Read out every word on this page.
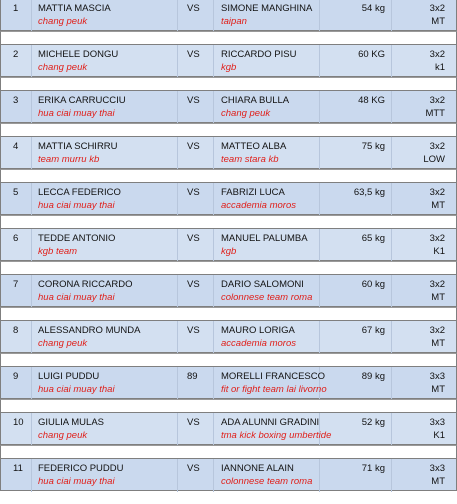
1 MATTIA MASCIA
chang peuk
VS SIMONE MANGHINA
taipan
54 kg	3x2
MT
2 MICHELE DONGU
chang peuk
VS RICCARDO PISU
kgb
60 KG	3x2
k1
3 ERIKA CARRUCCIU
hua ciai muay thai
VS CHIARA BULLA
chang peuk
48 KG	3x2
MTT
4 MATTIA SCHIRRU
team murru kb
VS MATTEO ALBA
team stara kb
75 kg	3x2
LOW
5 LECCA FEDERICO
hua ciai muay thai
VS FABRIZI LUCA
accademia moros
63,5 kg	3x2
MT
6 TEDDE ANTONIO
kgb team
VS MANUEL PALUMBA
kgb
65 kg	3x2
K1
7 CORONA RICCARDO
hua ciai muay thai
VS DARIO SALOMONI
colonnese team roma
60 kg	3x2
MT
8 ALESSANDRO MUNDA
chang peuk
VS MAURO LORIGA
accademia moros
67 kg	3x2
MT
9 LUIGI PUDDU
hua ciai muay thai
89 MORELLI FRANCESCO
fit or fight team lai livorno
89 kg	3x3
MT
10 GIULIA MULAS
chang peuk
VS ADA ALUNNI GRADINI
tma kick boxing umbertide
52 kg	3x3
K1
11 FEDERICO PUDDU
hua ciai muay thai
VS IANNONE ALAIN
colonnese team roma
71 kg	3x3
MT
